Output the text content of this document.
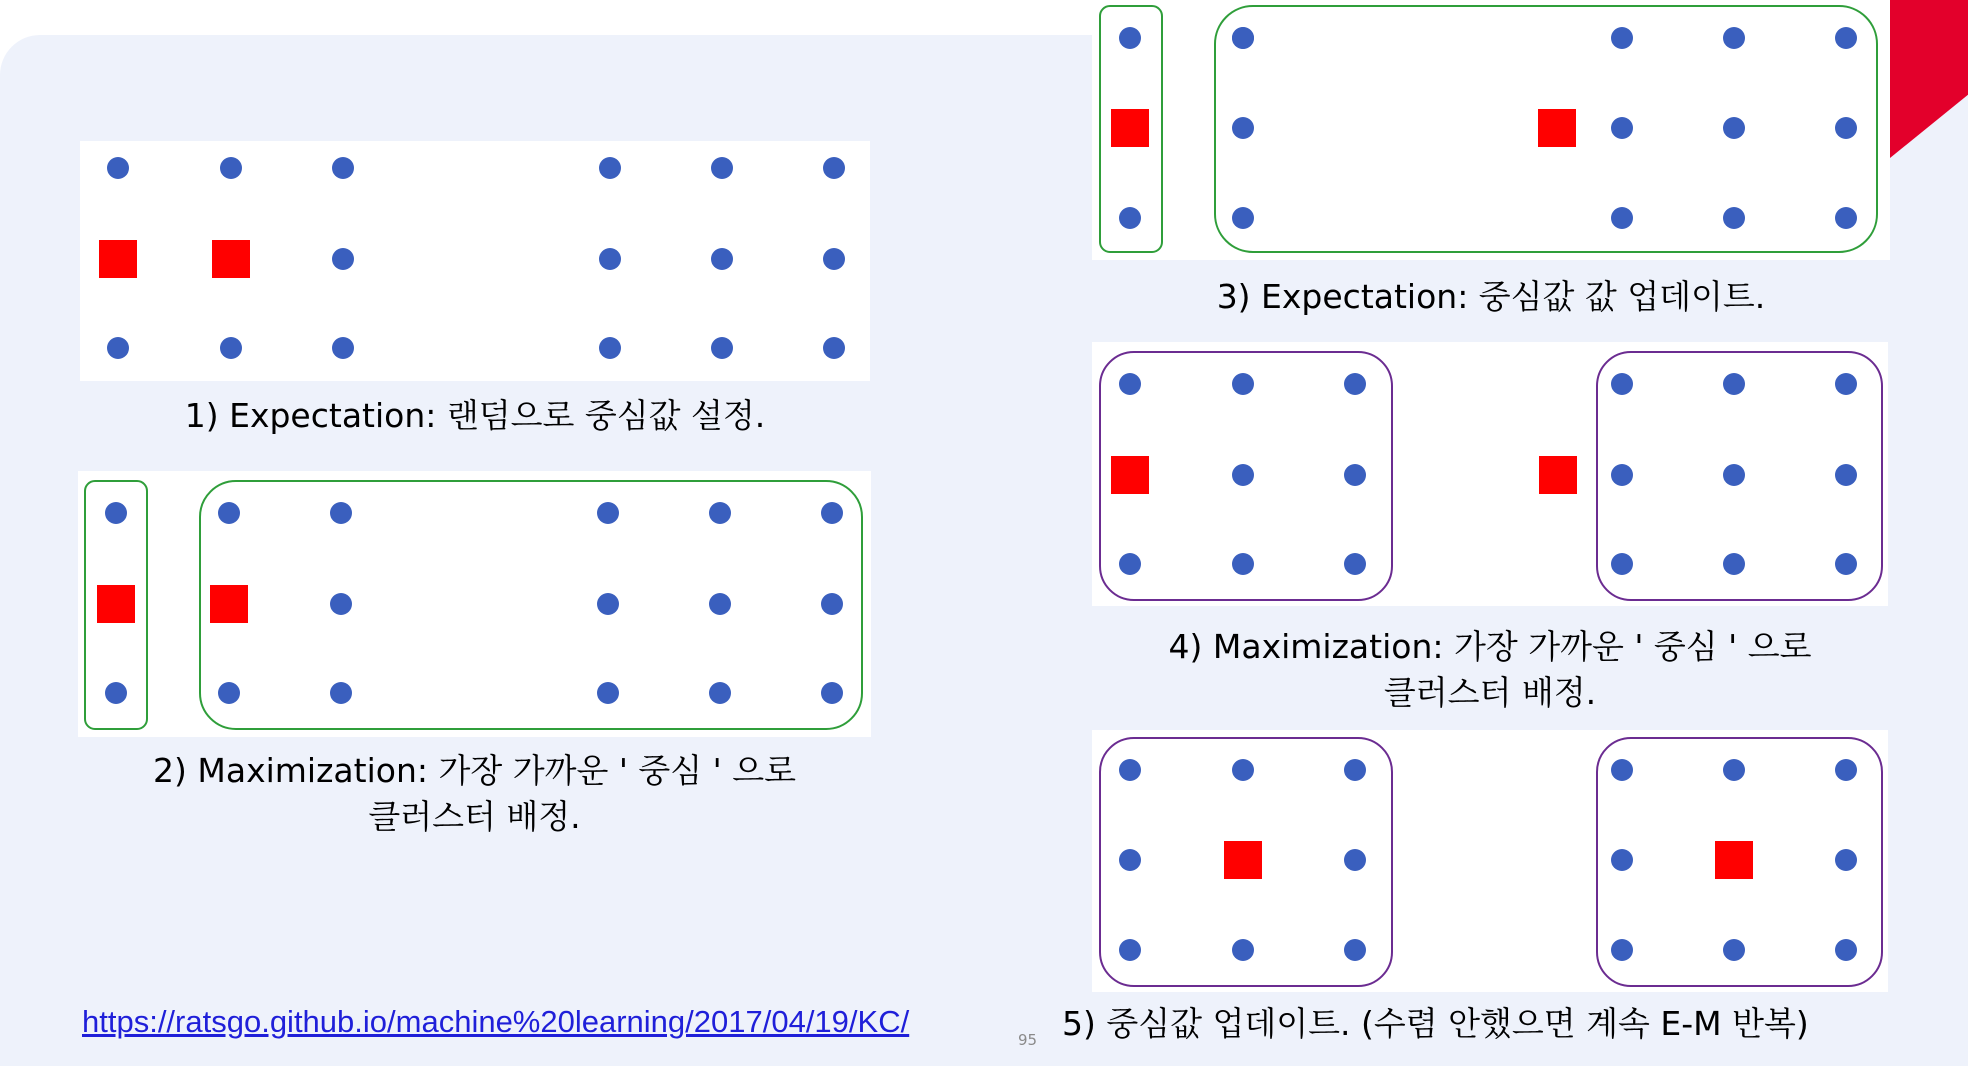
1) Expectation: 랜덤으로 중심값 설정.
2) Maximization: 가장 가까운 ' 중심 ' 으로
클러스터 배정.
3) Expectation: 중심값 값 업데이트.
4) Maximization: 가장 가까운 ' 중심 ' 으로
클러스터 배정.
5) 중심값 업데이트. (수렴 안했으면 계속 E-M 반복)
https://ratsgo.github.io/machine%20learning/2017/04/19/KC/
95
